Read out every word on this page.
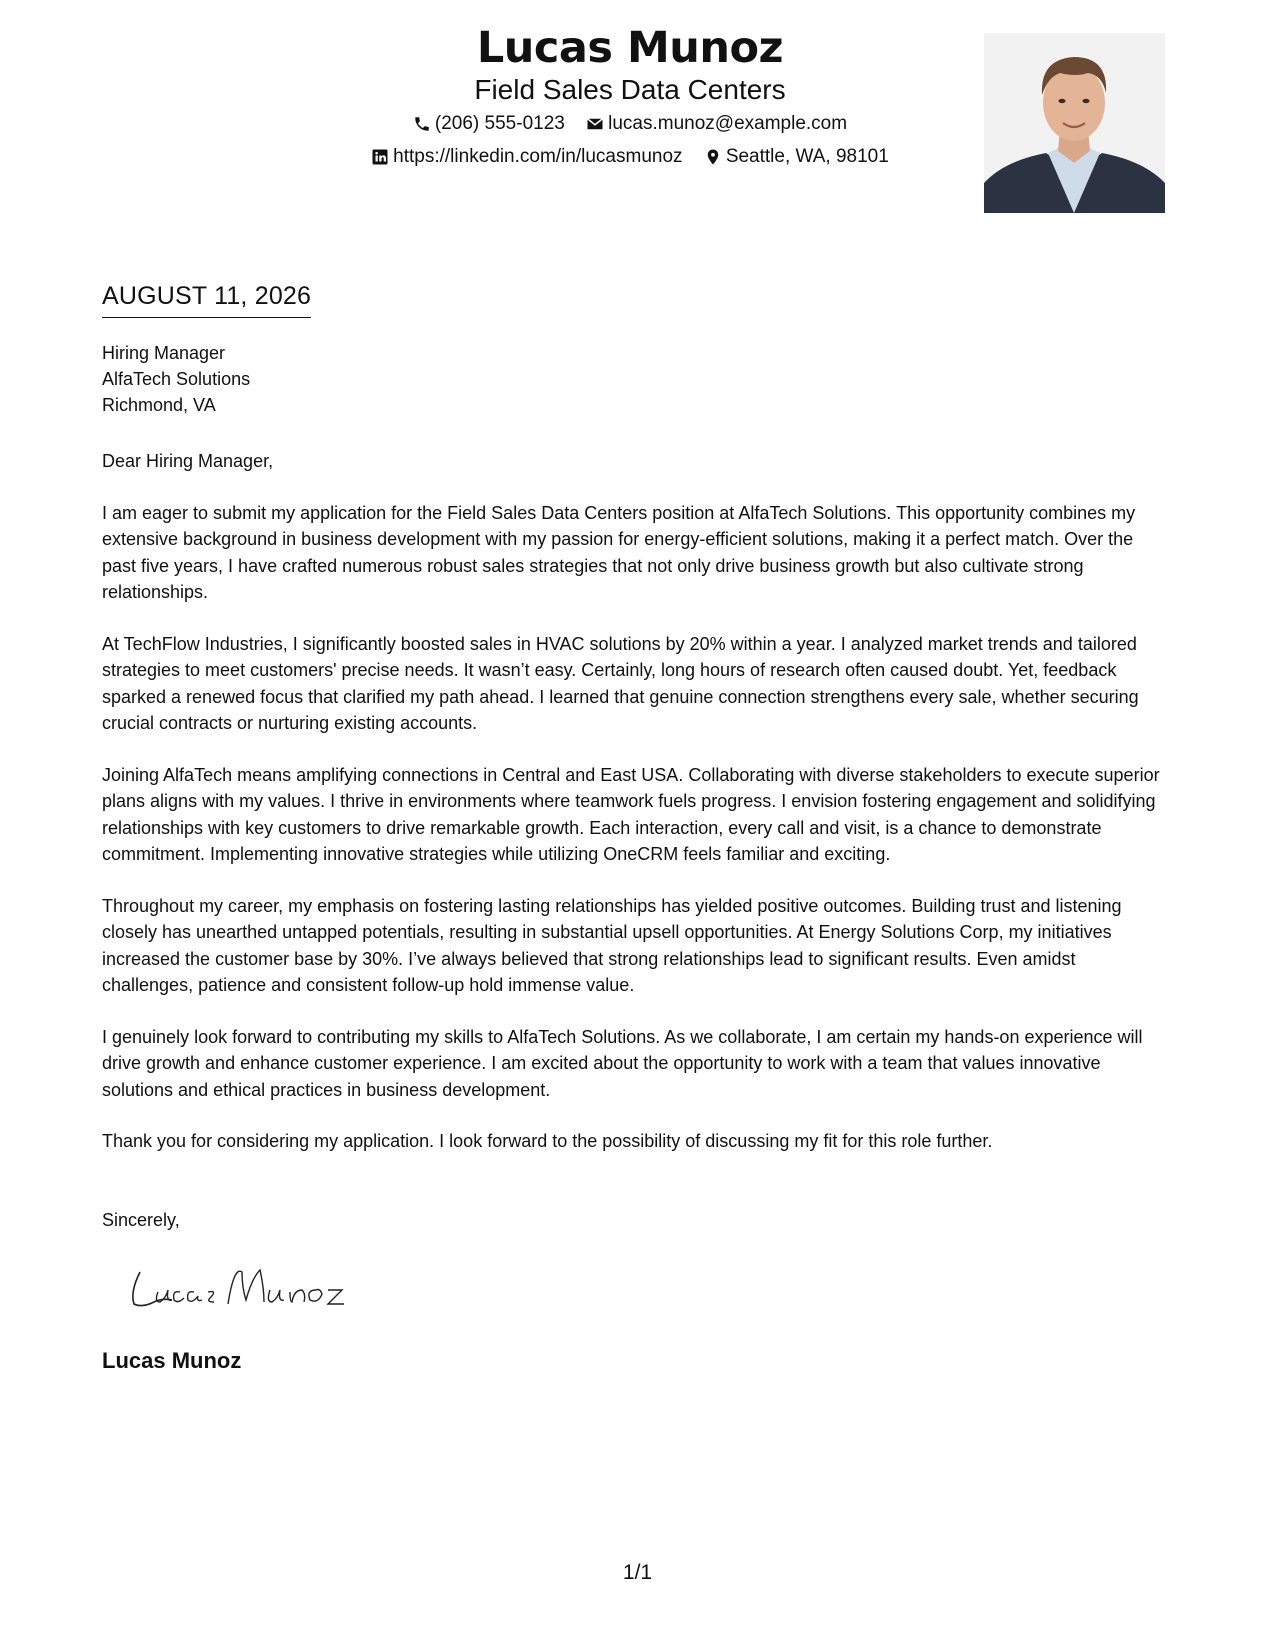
Lucas Munoz
Field Sales Data Centers
(206) 555-0123
lucas.munoz@example.com
https://linkedin.com/in/lucasmunoz
Seattle, WA, 98101
AUGUST 11, 2026
Hiring Manager
AlfaTech Solutions
Richmond, VA
Dear Hiring Manager,

I am eager to submit my application for the Field Sales Data Centers position at AlfaTech Solutions. This opportunity combines my extensive background in business development with my passion for energy-efficient solutions, making it a perfect match. Over the past five years, I have crafted numerous robust sales strategies that not only drive business growth but also cultivate strong relationships.

At TechFlow Industries, I significantly boosted sales in HVAC solutions by 20% within a year. I analyzed market trends and tailored strategies to meet customers' precise needs. It wasn’t easy. Certainly, long hours of research often caused doubt. Yet, feedback sparked a renewed focus that clarified my path ahead. I learned that genuine connection strengthens every sale, whether securing crucial contracts or nurturing existing accounts.

Joining AlfaTech means amplifying connections in Central and East USA. Collaborating with diverse stakeholders to execute superior plans aligns with my values. I thrive in environments where teamwork fuels progress. I envision fostering engagement and solidifying relationships with key customers to drive remarkable growth. Each interaction, every call and visit, is a chance to demonstrate commitment. Implementing innovative strategies while utilizing OneCRM feels familiar and exciting.

Throughout my career, my emphasis on fostering lasting relationships has yielded positive outcomes. Building trust and listening closely has unearthed untapped potentials, resulting in substantial upsell opportunities. At Energy Solutions Corp, my initiatives increased the customer base by 30%. I’ve always believed that strong relationships lead to significant results. Even amidst challenges, patience and consistent follow-up hold immense value.

I genuinely look forward to contributing my skills to AlfaTech Solutions. As we collaborate, I am certain my hands-on experience will drive growth and enhance customer experience. I am excited about the opportunity to work with a team that values innovative solutions and ethical practices in business development.

Thank you for considering my application. I look forward to the possibility of discussing my fit for this role further.

Sincerely,
Lucas Munoz
1/1
